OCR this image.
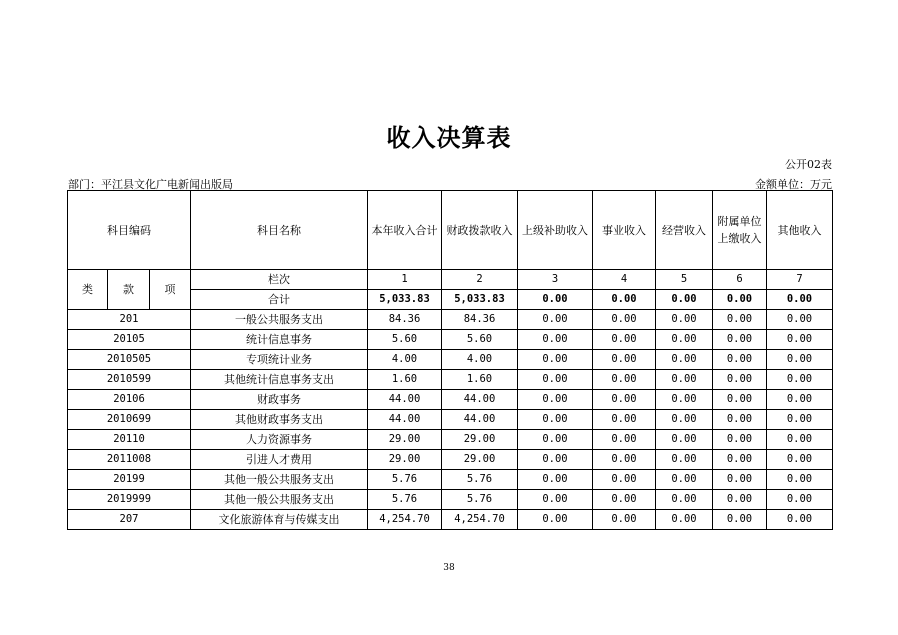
收入决算表
公开02表
部门：平江县文化广电新闻出版局	金额单位：万元
科目编码			科目名称	本年收入合计	财政拨款收入	上级补助收入	事业收入	经营收入	附属单位上缴收入	其他收入
类	款	项	栏次	1	2	3	4	5	6	7
			合计	5,033.83	5,033.83	0.00	0.00	0.00	0.00	0.00
201			一般公共服务支出	84.36	84.36	0.00	0.00	0.00	0.00	0.00
20105			统计信息事务	5.60	5.60	0.00	0.00	0.00	0.00	0.00
2010505			专项统计业务	4.00	4.00	0.00	0.00	0.00	0.00	0.00
2010599			其他统计信息事务支出	1.60	1.60	0.00	0.00	0.00	0.00	0.00
20106			财政事务	44.00	44.00	0.00	0.00	0.00	0.00	0.00
2010699			其他财政事务支出	44.00	44.00	0.00	0.00	0.00	0.00	0.00
20110			人力资源事务	29.00	29.00	0.00	0.00	0.00	0.00	0.00
2011008			引进人才费用	29.00	29.00	0.00	0.00	0.00	0.00	0.00
20199			其他一般公共服务支出	5.76	5.76	0.00	0.00	0.00	0.00	0.00
2019999			其他一般公共服务支出	5.76	5.76	0.00	0.00	0.00	0.00	0.00
207			文化旅游体育与传媒支出	4,254.70	4,254.70	0.00	0.00	0.00	0.00	0.00
38
